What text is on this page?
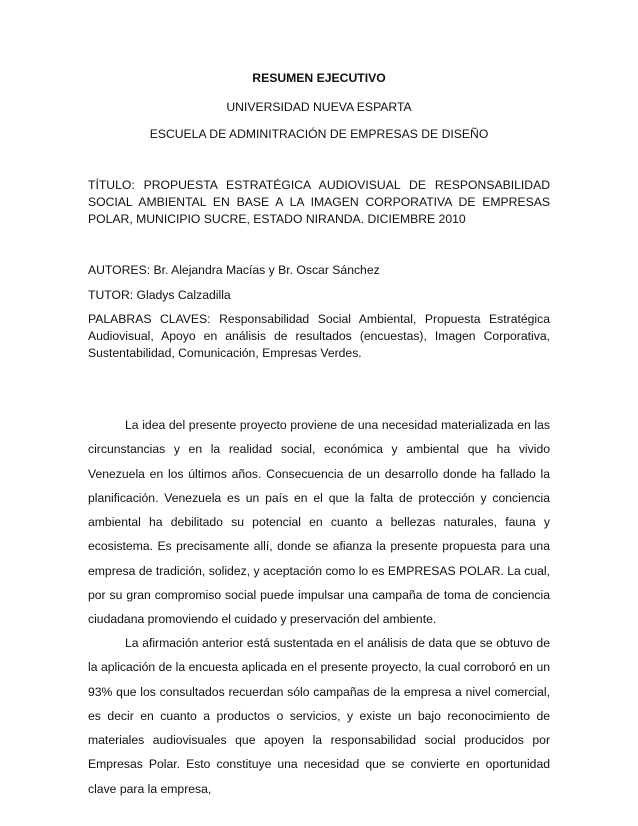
RESUMEN EJECUTIVO
UNIVERSIDAD NUEVA ESPARTA
ESCUELA DE ADMINITRACIÓN DE EMPRESAS DE DISEÑO
TÍTULO: PROPUESTA ESTRATÉGICA AUDIOVISUAL DE RESPONSABILIDAD SOCIAL AMBIENTAL EN BASE A LA IMAGEN CORPORATIVA DE EMPRESAS POLAR, MUNICIPIO SUCRE, ESTADO NIRANDA. DICIEMBRE 2010
AUTORES: Br. Alejandra Macías y Br. Oscar Sánchez
TUTOR: Gladys Calzadilla
PALABRAS CLAVES: Responsabilidad Social Ambiental, Propuesta Estratégica Audiovisual, Apoyo en análisis de resultados (encuestas), Imagen Corporativa, Sustentabilidad, Comunicación, Empresas Verdes.
La idea del presente proyecto proviene de una necesidad materializada en las circunstancias y en la realidad social, económica y ambiental que ha vivido Venezuela en los últimos años. Consecuencia de un desarrollo donde ha fallado la planificación. Venezuela es un país en el que la falta de protección y conciencia ambiental ha debilitado su potencial en cuanto a bellezas naturales, fauna y ecosistema. Es precisamente allí, donde se afianza la presente propuesta para una empresa de tradición, solidez, y aceptación como lo es EMPRESAS POLAR. La cual, por su gran compromiso social puede impulsar una campaña de toma de conciencia ciudadana promoviendo el cuidado y preservación del ambiente.
La afirmación anterior está sustentada en el análisis de data que se obtuvo de la aplicación de la encuesta aplicada en el presente proyecto, la cual corroboró en un 93% que los consultados recuerdan sólo campañas de la empresa a nivel comercial, es decir en cuanto a productos o servicios, y existe un bajo reconocimiento de materiales audiovisuales que apoyen la responsabilidad social producidos por Empresas Polar. Esto constituye una necesidad que se convierte en oportunidad clave para la empresa,
